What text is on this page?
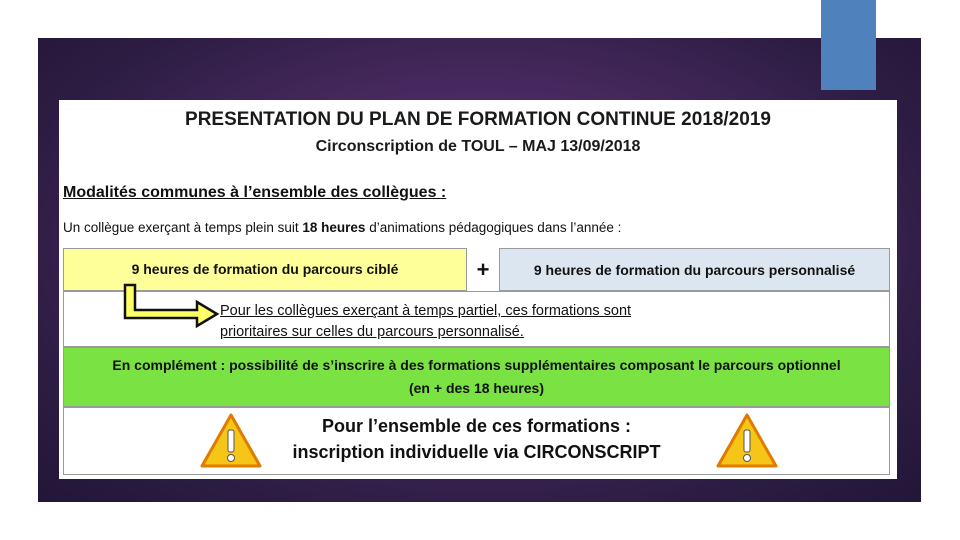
PRESENTATION DU PLAN DE FORMATION CONTINUE 2018/2019
Circonscription de TOUL – MAJ 13/09/2018
Modalités communes à l’ensemble des collègues :
Un collègue exerçant à temps plein suit 18 heures d’animations pédagogiques dans l’année :
9 heures de formation du parcours ciblé	+	9 heures de formation du parcours personnalisé
Pour les collègues exerçant à temps partiel, ces formations sont
prioritaires sur celles du parcours personnalisé.
En complément : possibilité de s’inscrire à des formations supplémentaires composant le parcours optionnel
(en + des 18 heures)
Pour l’ensemble de ces formations :
inscription individuelle via CIRCONSCRIPT
